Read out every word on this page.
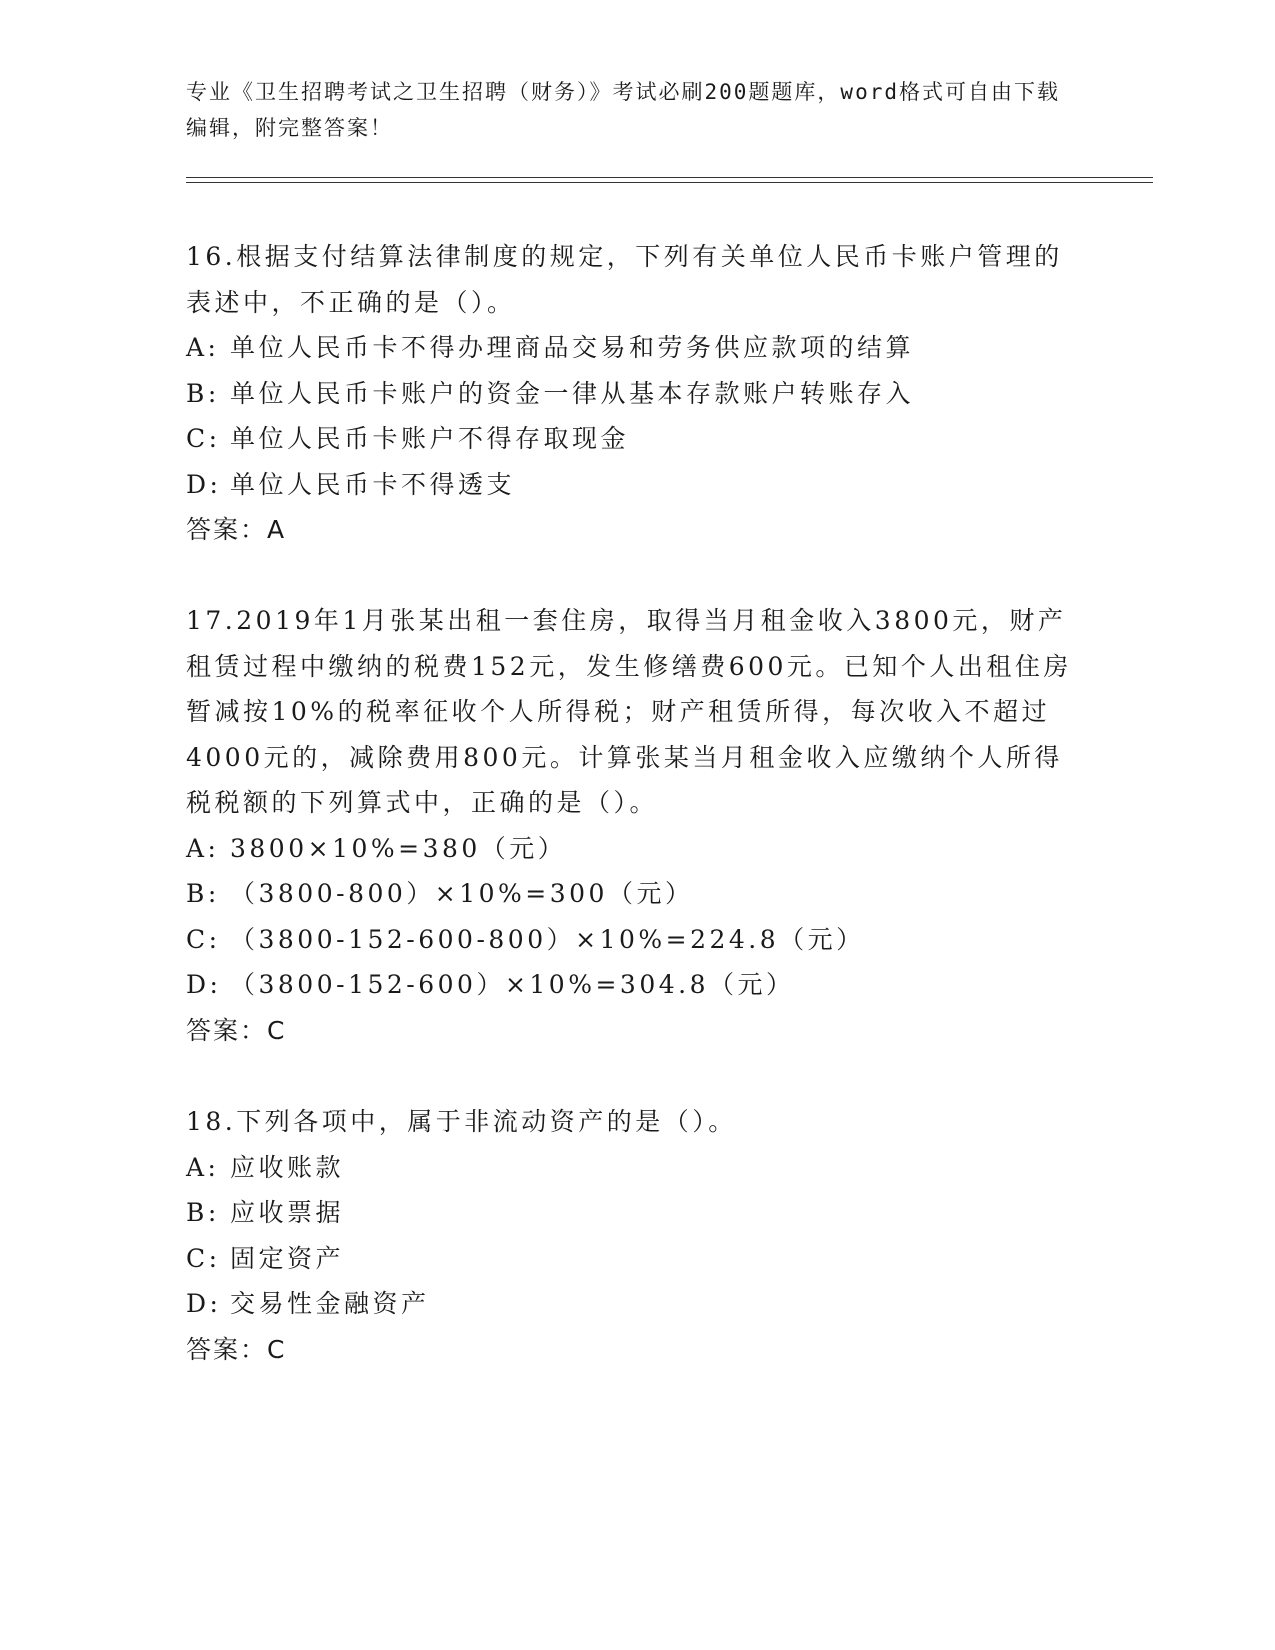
专业《卫生招聘考试之卫生招聘（财务）》考试必刷200题题库，word格式可自由下载编辑，附完整答案！

16.根据支付结算法律制度的规定，下列有关单位人民币卡账户管理的表述中，不正确的是（）。

A: 单位人民币卡不得办理商品交易和劳务供应款项的结算

B: 单位人民币卡账户的资金一律从基本存款账户转账存入

C: 单位人民币卡账户不得存取现金

D: 单位人民币卡不得透支

答案：A

17.2019年1月张某出租一套住房，取得当月租金收入3800元，财产租赁过程中缴纳的税费152元，发生修缮费600元。已知个人出租住房暂减按10%的税率征收个人所得税；财产租赁所得，每次收入不超过4000元的，减除费用800元。计算张某当月租金收入应缴纳个人所得税税额的下列算式中，正确的是（）。

A: 3800×10%=380（元）

B: （3800-800）×10%=300（元）

C: （3800-152-600-800）×10%=224.8（元）

D: （3800-152-600）×10%=304.8（元）

答案：C

18.下列各项中，属于非流动资产的是（）。

A: 应收账款

B: 应收票据

C: 固定资产

D: 交易性金融资产

答案：C
